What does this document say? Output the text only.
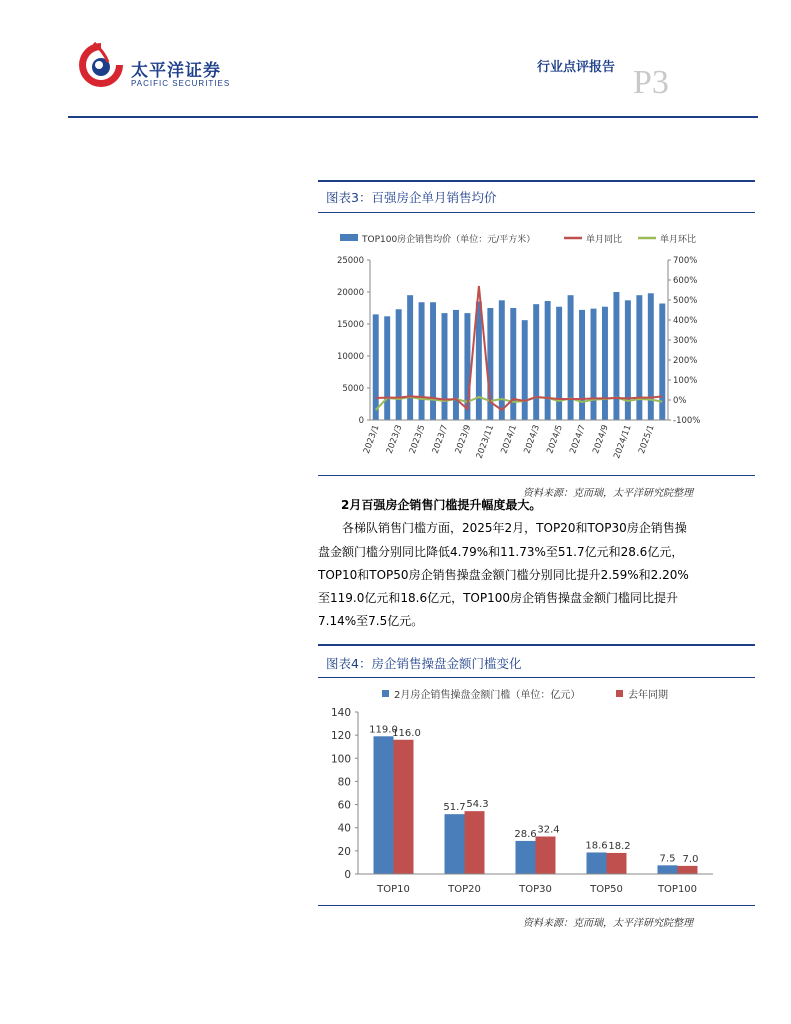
太平洋证券
PACIFIC SECURITIES
行业点评报告 P3
图表3：百强房企单月销售均价
TOP100房企销售均价（单位：元/平方米）	单月同比	单月环比
0
5000
10000
15000
20000
25000
-100%
0%
100%
200%
300%
400%
500%
600%
700%
2023/1 2023/3 2023/5 2023/7 2023/9 2023/11 2024/1 2024/3 2024/5 2024/7 2024/9 2024/11 2025/1
资料来源：克而瑞，太平洋研究院整理
2月百强房企销售门槛提升幅度最大。
各梯队销售门槛方面，2025年2月，TOP20和TOP30房企销售操
盘金额门槛分别同比降低4.79%和11.73%至51.7亿元和28.6亿元，
TOP10和TOP50房企销售操盘金额门槛分别同比提升2.59%和2.20%
至119.0亿元和18.6亿元，TOP100房企销售操盘金额门槛同比提升
7.14%至7.5亿元。
图表4：房企销售操盘金额门槛变化
2月房企销售操盘金额门槛（单位：亿元）	去年同期
0
20
40
60
80
100
120
140
119.0
116.0
51.7 54.3
28.6 32.4
18.6 18.2
7.5 7.0
TOP10	TOP20	TOP30	TOP50	TOP100
资料来源：克而瑞，太平洋研究院整理
